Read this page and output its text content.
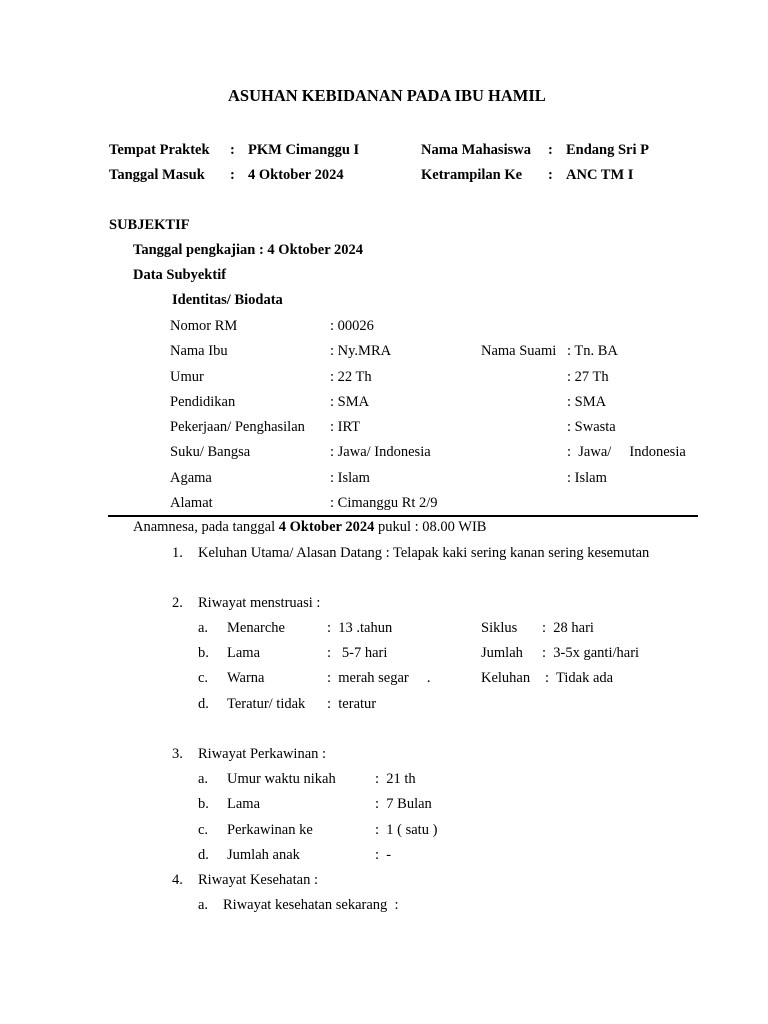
ASUHAN KEBIDANAN PADA IBU HAMIL
Tempat Praktek : PKM Cimanggu I	Nama Mahasiswa : Endang Sri P
Tanggal Masuk : 4 Oktober 2024	Ketrampilan Ke : ANC TM I
SUBJEKTIF
Tanggal pengkajian : 4 Oktober 2024
Data Subyektif
Identitas/ Biodata
Nomor RM	: 00026
Nama Ibu	: Ny.MRA	Nama Suami : Tn. BA
Umur	: 22 Th	: 27 Th
Pendidikan	: SMA	: SMA
Pekerjaan/ Penghasilan : IRT	: Swasta
Suku/ Bangsa	: Jawa/ Indonesia	:  Jawa/     Indonesia
Agama	: Islam	: Islam
Alamat	: Cimanggu Rt 2/9
Anamnesa, pada tanggal 4 Oktober 2024 pukul : 08.00 WIB
1. Keluhan Utama/ Alasan Datang : Telapak kaki sering kanan sering kesemutan
2. Riwayat menstruasi :
a. Menarche	:  13 .tahun	Siklus :  28 hari
b. Lama	:   5-7 hari	Jumlah :  3-5x ganti/hari
c. Warna	:  merah segar     .	Keluhan :  Tidak ada
d. Teratur/ tidak :  teratur
3. Riwayat Perkawinan :
a. Umur waktu nikah	:  21 th
b. Lama	:  7 Bulan
c. Perkawinan ke	:  1 ( satu )
d. Jumlah anak	:  -
4. Riwayat Kesehatan :
a. Riwayat kesehatan sekarang  :
